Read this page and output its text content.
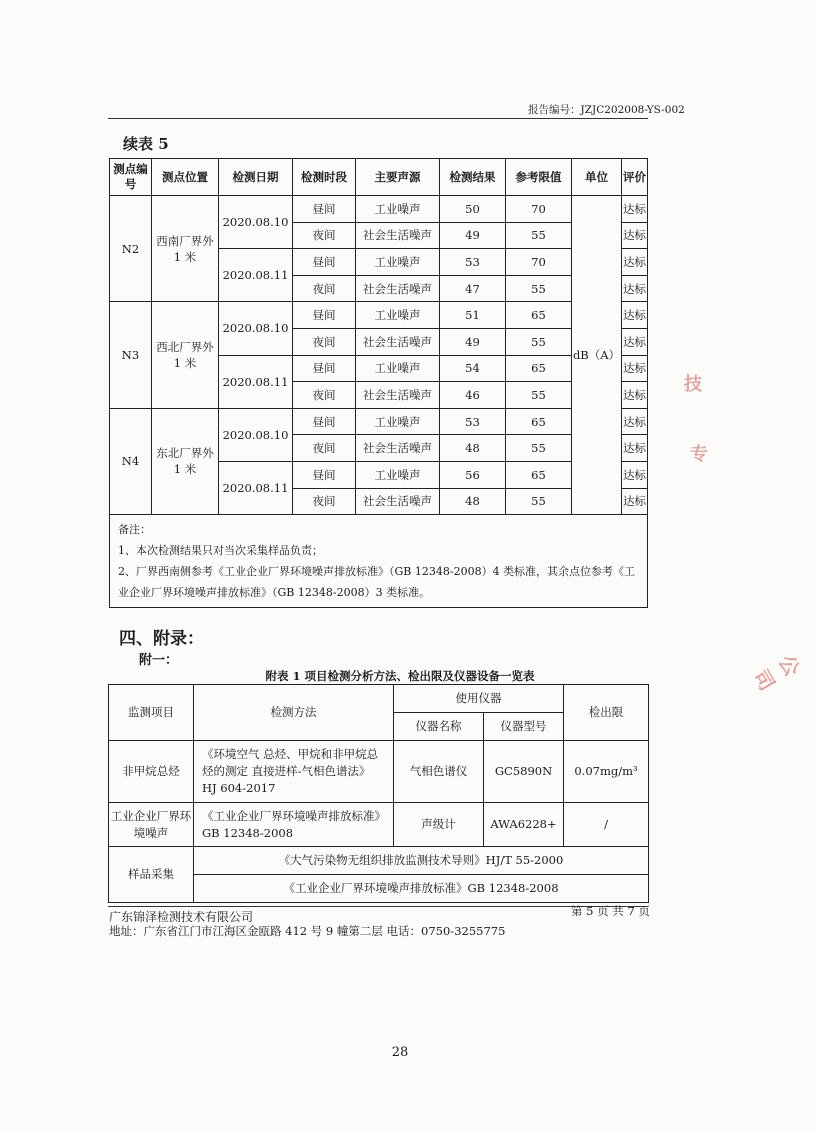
报告编号：JZJC202008-YS-002
续表 5
测点编号	测点位置	检测日期	检测时段	主要声源	检测结果	参考限值	单位	评价
N2	西南厂界外 1 米	2020.08.10	昼间	工业噪声	50	70	dB（A）	达标
			夜间	社会生活噪声	49	55		达标
		2020.08.11	昼间	工业噪声	53	70		达标
			夜间	社会生活噪声	47	55		达标
N3	西北厂界外 1 米	2020.08.10	昼间	工业噪声	51	65		达标
			夜间	社会生活噪声	49	55		达标
		2020.08.11	昼间	工业噪声	54	65		达标
			夜间	社会生活噪声	46	55		达标
N4	东北厂界外 1 米	2020.08.10	昼间	工业噪声	53	65		达标
			夜间	社会生活噪声	48	55		达标
		2020.08.11	昼间	工业噪声	56	65		达标
			夜间	社会生活噪声	48	55		达标

备注：
1、本次检测结果只对当次采集样品负责；
2、厂界西南侧参考《工业企业厂界环境噪声排放标准》（GB 12348-2008）4 类标准，其余点位参考《工业企业厂界环境噪声排放标准》（GB 12348-2008）3 类标准。								
四、附录：
附一：
附表 1 项目检测分析方法、检出限及仪器设备一览表
监测项目	检测方法	使用仪器		检出限
		仪器名称	仪器型号	
非甲烷总烃	《环境空气 总烃、甲烷和非甲烷总烃的测定 直接进样-气相色谱法》HJ 604-2017	气相色谱仪	GC5890N	0.07mg/m³
工业企业厂界环境噪声	《工业企业厂界环境噪声排放标准》GB 12348-2008	声级计	AWA6228+	/
样品采集	《大气污染物无组织排放监测技术导则》HJ/T 55-2000			
	《工业企业厂界环境噪声排放标准》GB 12348-2008			
第 5 页 共 7 页
广东锦泽检测技术有限公司
地址：广东省江门市江海区金瓯路 412 号 9 幢第二层 电话：0750-3255775
28
技
专
公司
